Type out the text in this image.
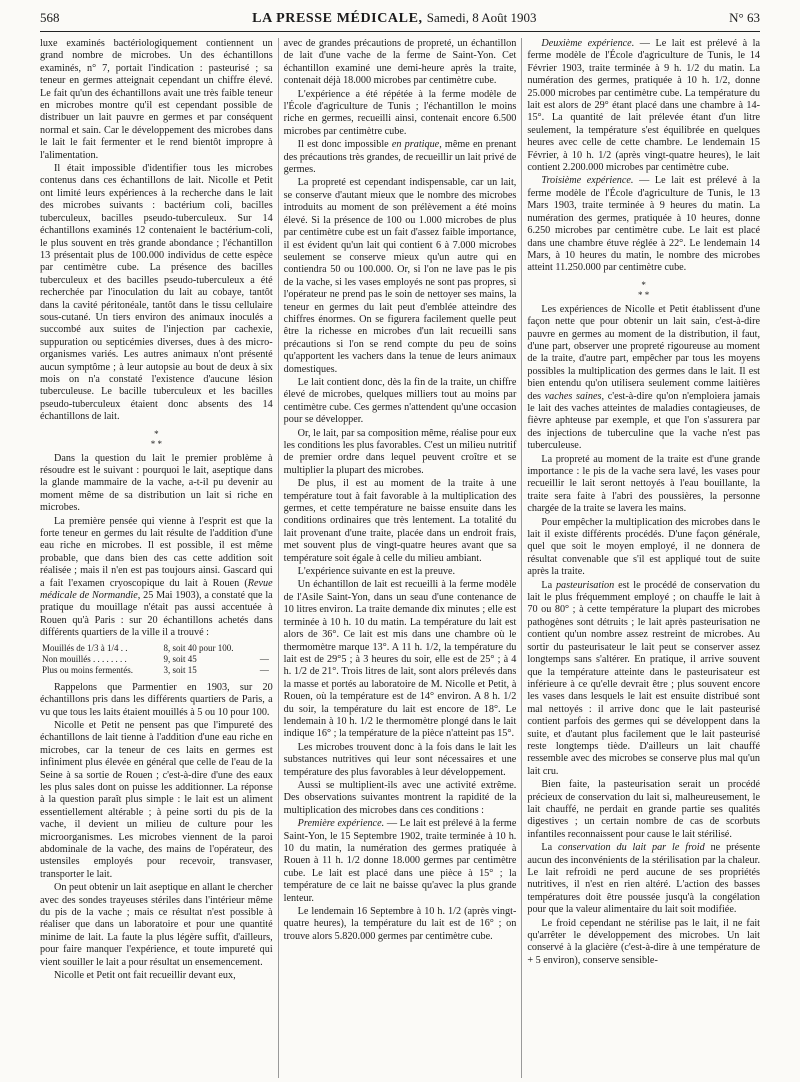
568	LA PRESSE MÉDICALE, Samedi, 8 Août 1903	N° 63

luxe examinés bactériologiquement contiennent un grand nombre de microbes. Un des échantillons examinés, n° 7, portait l'indication : pasteurisé ; sa teneur en germes atteignait cependant un chiffre élevé. Le fait qu'un des échantillons avait une très faible teneur en microbes montre qu'il est cependant possible de distribuer un lait pauvre en germes et par conséquent normal et sain. Car le développement des microbes dans le lait le fait fermenter et le rend bientôt impropre à l'alimentation.

Il était impossible d'identifier tous les microbes contenus dans ces échantillons de lait. Nicolle et Petit ont limité leurs expériences à la recherche dans le lait des microbes suivants : bactérium coli, bacilles tuberculeux, bacilles pseudo-tuberculeux. Sur 14 échantillons examinés 12 contenaient le bactérium-coli, le plus souvent en très grande abondance ; l'échantillon 13 présentait plus de 100.000 individus de cette espèce par centimètre cube. La présence des bacilles tuberculeux et des bacilles pseudo-tuberculeux a été recherchée par l'inoculation du lait au cobaye, tantôt dans la cavité péritonéale, tantôt dans le tissu cellulaire sous-cutané. Un tiers environ des animaux inoculés a succombé aux suites de l'injection par cachexie, suppuration ou septicémies diverses, dues à des micro-organismes variés. Les autres animaux n'ont présenté aucun symptôme ; à leur autopsie au bout de deux à six mois on n'a constaté l'existence d'aucune lésion tuberculeuse. Le bacille tuberculeux et les bacilles pseudo-tuberculeux étaient donc absents des 14 échantillons de lait.

*
* *

Dans la question du lait le premier problème à résoudre est le suivant : pourquoi le lait, aseptique dans la glande mammaire de la vache, a-t-il pu devenir au moment même de sa distribution un lait si riche en microbes.

La première pensée qui vienne à l'esprit est que la forte teneur en germes du lait résulte de l'addition d'une eau riche en microbes. Il est possible, il est même probable, que dans bien des cas cette addition soit réalisée ; mais il n'en est pas toujours ainsi. Gascard qui a fait l'examen cryoscopique du lait à Rouen (Revue médicale de Normandie, 25 Mai 1903), a constaté que la pratique du mouillage n'était pas aussi accentuée à Rouen qu'à Paris : sur 20 échantillons achetés dans différents quartiers de la ville il a trouvé :

Mouillés de 1/3 à 1/4 . .	8, soit 40 pour 100.	
Non mouillés . . . . . . . .	9, soit 45	—
Plus ou moins fermentés.	3, soit 15	—

Rappelons que Parmentier en 1903, sur 20 échantillons pris dans les différents quartiers de Paris, a vu que tous les laits étaient mouillés à 5 ou 10 pour 100.

Nicolle et Petit ne pensent pas que l'impureté des échantillons de lait tienne à l'addition d'une eau riche en microbes, car la teneur de ces laits en germes est infiniment plus élevée en général que celle de l'eau de la Seine à sa sortie de Rouen ; c'est-à-dire d'une des eaux les plus sales dont on puisse les additionner. La réponse à la question paraît plus simple : le lait est un aliment essentiellement altérable ; à peine sorti du pis de la vache, il devient un milieu de culture pour les microorganismes. Les microbes viennent de la paroi abdominale de la vache, des mains de l'opérateur, des ustensiles employés pour recevoir, transvaser, transporter le lait.

On peut obtenir un lait aseptique en allant le chercher avec des sondes trayeuses stériles dans l'intérieur même du pis de la vache ; mais ce résultat n'est possible à réaliser que dans un laboratoire et pour une quantité minime de lait. La faute la plus légère suffit, d'ailleurs, pour faire manquer l'expérience, et toute impureté qui vient souiller le lait a pour résultat un ensemencement.

Nicolle et Petit ont fait recueillir devant eux,

avec de grandes précautions de propreté, un échantillon de lait d'une vache de la ferme de Saint-Yon. Cet échantillon examiné une demi-heure après la traite, contenait déjà 18.000 microbes par centimètre cube.

L'expérience a été répétée à la ferme modèle de l'École d'agriculture de Tunis ; l'échantillon le moins riche en germes, recueilli ainsi, contenait encore 6.500 microbes par centimètre cube.

Il est donc impossible en pratique, même en prenant des précautions très grandes, de recueillir un lait privé de germes.

La propreté est cependant indispensable, car un lait, se conserve d'autant mieux que le nombre des microbes introduits au moment de son prélèvement a été moins élevé. Si la présence de 100 ou 1.000 microbes de plus par centimètre cube est un fait d'assez faible importance, il est évident qu'un lait qui contient 6 à 7.000 microbes seulement se conserve mieux qu'un autre qui en contiendra 50 ou 100.000. Or, si l'on ne lave pas le pis de la vache, si les vases employés ne sont pas propres, si l'opérateur ne prend pas le soin de nettoyer ses mains, la teneur en germes du lait peut d'emblée atteindre des chiffres énormes. On se figurera facilement quelle peut être la richesse en microbes d'un lait recueilli sans précautions si l'on se rend compte du peu de soins qu'apportent les vachers dans la tenue de leurs animaux domestiques.

Le lait contient donc, dès la fin de la traite, un chiffre élevé de microbes, quelques milliers tout au moins par centimètre cube. Ces germes n'attendent qu'une occasion pour se développer.

Or, le lait, par sa composition même, réalise pour eux les conditions les plus favorables. C'est un milieu nutritif de premier ordre dans lequel peuvent croître et se multiplier la plupart des microbes.

De plus, il est au moment de la traite à une température tout à fait favorable à la multiplication des germes, et cette température ne baisse ensuite dans les conditions ordinaires que très lentement. La totalité du lait provenant d'une traite, placée dans un endroit frais, met souvent plus de vingt-quatre heures avant que sa température soit égale à celle du milieu ambiant.

L'expérience suivante en est la preuve.

Un échantillon de lait est recueilli à la ferme modèle de l'Asile Saint-Yon, dans un seau d'une contenance de 10 litres environ. La traite demande dix minutes ; elle est terminée à 10 h. 10 du matin. La température du lait est alors de 36°. Ce lait est mis dans une chambre où le thermomètre marque 13°. A 11 h. 1/2, la température du lait est de 29°5 ; à 3 heures du soir, elle est de 25° ; à 4 h. 1/2 de 21°. Trois litres de lait, sont alors prélevés dans la masse et portés au laboratoire de M. Nicolle et Petit, à Rouen, où la température est de 14° environ. A 8 h. 1/2 du soir, la température du lait est encore de 18°. Le lendemain à 10 h. 1/2 le thermomètre plongé dans le lait indique 16° ; la température de la pièce n'atteint pas 15°.

Les microbes trouvent donc à la fois dans le lait les substances nutritives qui leur sont nécessaires et une température des plus favorables à leur développement.

Aussi se multiplient-ils avec une activité extrême. Des observations suivantes montrent la rapidité de la multiplication des microbes dans ces conditions :

Première expérience. — Le lait est prélevé à la ferme Saint-Yon, le 15 Septembre 1902, traite terminée à 10 h. 10 du matin, la numération des germes pratiquée à Rouen à 11 h. 1/2 donne 18.000 germes par centimètre cube. Le lait est placé dans une pièce à 15° ; la température de ce lait ne baisse qu'avec la plus grande lenteur.

Le lendemain 16 Septembre à 10 h. 1/2 (après vingt-quatre heures), la température du lait est de 16° ; on trouve alors 5.820.000 germes par centimètre cube.

Deuxième expérience. — Le lait est prélevé à la ferme modèle de l'École d'agriculture de Tunis, le 14 Février 1903, traite terminée à 9 h. 1/2 du matin. La numération des germes, pratiquée à 10 h. 1/2, donne 25.000 microbes par centimètre cube. La température du lait est alors de 29° étant placé dans une chambre à 14-15°. La quantité de lait prélevée étant d'un litre seulement, la température s'est équilibrée en quelques heures avec celle de cette chambre. Le lendemain 15 Février, à 10 h. 1/2 (après vingt-quatre heures), le lait contient 2.200.000 microbes par centimètre cube.

Troisième expérience. — Le lait est prélevé à la ferme modèle de l'École d'agriculture de Tunis, le 13 Mars 1903, traite terminée à 9 heures du matin. La numération des germes, pratiquée à 10 heures, donne 6.250 microbes par centimètre cube. Le lait est placé dans une chambre étuve réglée à 22°. Le lendemain 14 Mars, à 10 heures du matin, le nombre des microbes atteint 11.250.000 par centimètre cube.

*
* *

Les expériences de Nicolle et Petit établissent d'une façon nette que pour obtenir un lait sain, c'est-à-dire pauvre en germes au moment de la distribution, il faut, d'une part, observer une propreté rigoureuse au moment de la traite, d'autre part, empêcher par tous les moyens possibles la multiplication des germes dans le lait. Il est bien entendu qu'on utilisera seulement comme laitières des vaches saines, c'est-à-dire qu'on n'emploiera jamais le lait des vaches atteintes de maladies contagieuses, de fièvre aphteuse par exemple, et que l'on s'assurera par des injections de tuberculine que la vache n'est pas tuberculeuse.

La propreté au moment de la traite est d'une grande importance : le pis de la vache sera lavé, les vases pour recueillir le lait seront nettoyés à l'eau bouillante, la traite sera faite à l'abri des poussières, la personne chargée de la traite se lavera les mains.

Pour empêcher la multiplication des microbes dans le lait il existe différents procédés. D'une façon générale, quel que soit le moyen employé, il ne donnera de résultat convenable que s'il est appliqué tout de suite après la traite.

La pasteurisation est le procédé de conservation du lait le plus fréquemment employé ; on chauffe le lait à 70 ou 80° ; à cette température la plupart des microbes pathogènes sont détruits ; le lait après pasteurisation ne contient qu'un nombre assez restreint de microbes. Au sortir du pasteurisateur le lait peut se conserver assez longtemps sans s'altérer. En pratique, il arrive souvent que la température atteinte dans le pasteurisateur est inférieure à ce qu'elle devrait être ; plus souvent encore les vases dans lesquels le lait est ensuite distribué sont mal nettoyés : il arrive donc que le lait pasteurisé contient parfois des germes qui se développent dans la suite, et d'autant plus facilement que le lait pasteurisé reste longtemps tiède. D'ailleurs un lait chauffé ressemble avec des microbes se conserve plus mal qu'un lait cru.

Bien faite, la pasteurisation serait un procédé précieux de conservation du lait si, malheureusement, le lait chauffé, ne perdait en grande partie ses qualités digestives ; un certain nombre de cas de scorbuts infantiles reconnaissent pour cause le lait stérilisé.

La conservation du lait par le froid ne présente aucun des inconvénients de la stérilisation par la chaleur. Le lait refroidi ne perd aucune de ses propriétés nutritives, il n'est en rien altéré. L'action des basses températures doit être poussée jusqu'à la congélation pour que la valeur alimentaire du lait soit modifiée.

Le froid cependant ne stérilise pas le lait, il ne fait qu'arrêter le développement des microbes. Un lait conservé à la glacière (c'est-à-dire à une température de + 5 environ), conserve sensible-
